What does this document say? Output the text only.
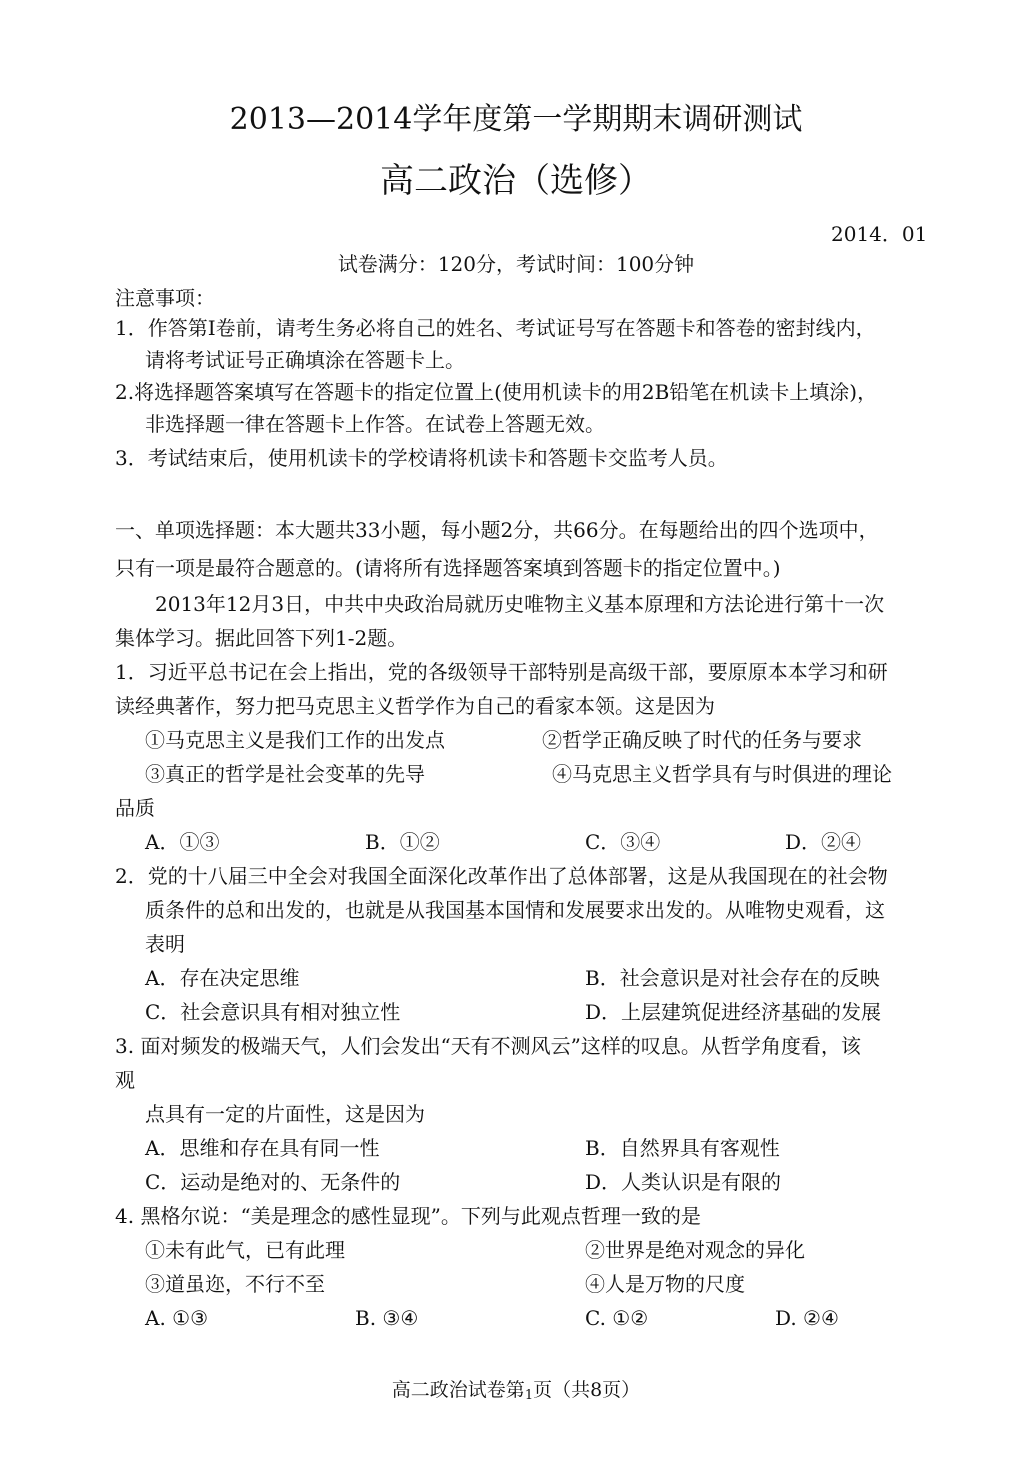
2013—2014学年度第一学期期末调研测试
高二政治（选修）
2014．01
试卷满分：120分，考试时间：100分钟
注意事项：
1．作答第Ⅰ卷前，请考生务必将自己的姓名、考试证号写在答题卡和答卷的密封线内，
请将考试证号正确填涂在答题卡上。
2.将选择题答案填写在答题卡的指定位置上(使用机读卡的用2B铅笔在机读卡上填涂)，
非选择题一律在答题卡上作答。在试卷上答题无效。
3．考试结束后，使用机读卡的学校请将机读卡和答题卡交监考人员。
一、单项选择题：本大题共33小题，每小题2分，共66分。在每题给出的四个选项中，
只有一项是最符合题意的。(请将所有选择题答案填到答题卡的指定位置中。)
2013年12月3日，中共中央政治局就历史唯物主义基本原理和方法论进行第十一次
集体学习。据此回答下列1-2题。
1．习近平总书记在会上指出，党的各级领导干部特别是高级干部，要原原本本学习和研
读经典著作，努力把马克思主义哲学作为自己的看家本领。这是因为
①马克思主义是我们工作的出发点	②哲学正确反映了时代的任务与要求
③真正的哲学是社会变革的先导	④马克思主义哲学具有与时俱进的理论
品质
A．①③	B．①②	C．③④	D．②④
2．党的十八届三中全会对我国全面深化改革作出了总体部署，这是从我国现在的社会物
质条件的总和出发的，也就是从我国基本国情和发展要求出发的。从唯物史观看，这
表明
A．存在决定思维	B．社会意识是对社会存在的反映
C．社会意识具有相对独立性	D．上层建筑促进经济基础的发展
3. 面对频发的极端天气，人们会发出“天有不测风云”这样的叹息。从哲学角度看，该
观
点具有一定的片面性，这是因为
A．思维和存在具有同一性	B．自然界具有客观性
C．运动是绝对的、无条件的	D．人类认识是有限的
4. 黑格尔说：“美是理念的感性显现”。下列与此观点哲理一致的是
①未有此气，已有此理	②世界是绝对观念的异化
③道虽迩，不行不至	④人是万物的尺度
A. ①③	B. ③④	C. ①②	D. ②④
高二政治试卷第1页（共8页）
